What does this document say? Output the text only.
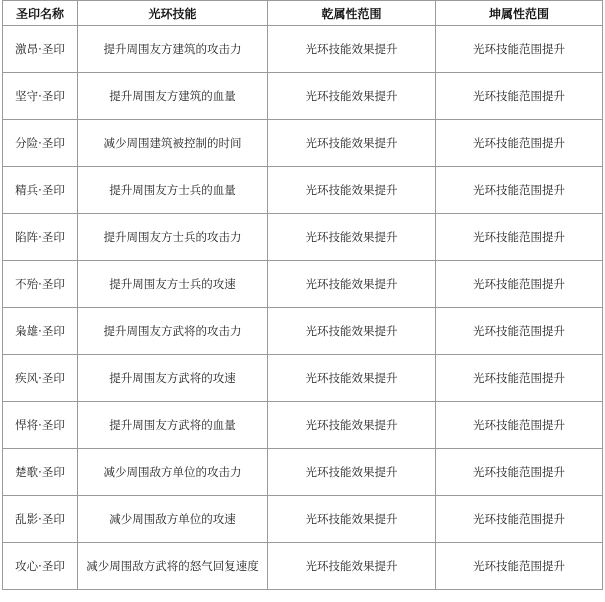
圣印名称	光环技能	乾属性范围	坤属性范围
激昂·圣印	提升周围友方建筑的攻击力	光环技能效果提升	光环技能范围提升
坚守·圣印	提升周围友方建筑的血量	光环技能效果提升	光环技能范围提升
分险·圣印	减少周围建筑被控制的时间	光环技能效果提升	光环技能范围提升
精兵·圣印	提升周围友方士兵的血量	光环技能效果提升	光环技能范围提升
陷阵·圣印	提升周围友方士兵的攻击力	光环技能效果提升	光环技能范围提升
不殆·圣印	提升周围友方士兵的攻速	光环技能效果提升	光环技能范围提升
枭雄·圣印	提升周围友方武将的攻击力	光环技能效果提升	光环技能范围提升
疾风·圣印	提升周围友方武将的攻速	光环技能效果提升	光环技能范围提升
悍将·圣印	提升周围友方武将的血量	光环技能效果提升	光环技能范围提升
楚歌·圣印	减少周围敌方单位的攻击力	光环技能效果提升	光环技能范围提升
乱影·圣印	减少周围敌方单位的攻速	光环技能效果提升	光环技能范围提升
攻心·圣印	减少周围敌方武将的怒气回复速度	光环技能效果提升	光环技能范围提升
